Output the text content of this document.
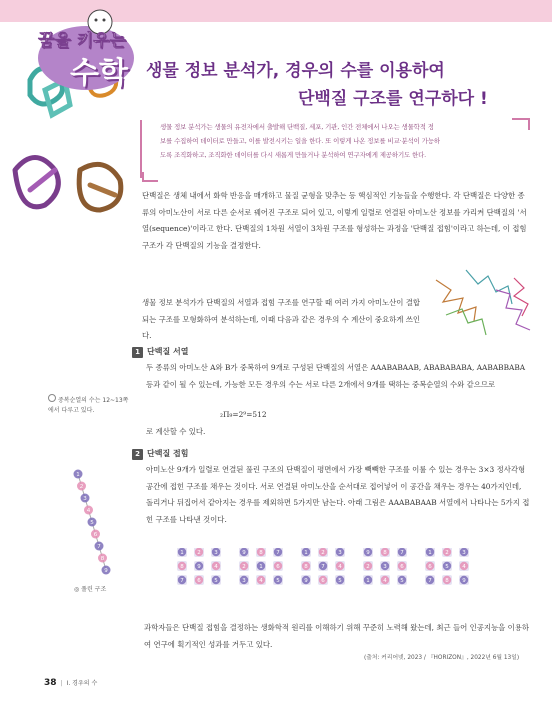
꿈을 키우는
수학 생물 정보 분석가, 경우의 수를 이용하여
단백질 구조를 연구하다 !
생물 정보 분석가는 생물의 유전자에서 출발해 단백질, 세포, 기관, 인간 전체에서 나오는 생물학적 정
보를 수집하여 데이터로 만들고, 이를 발전시키는 일을 한다. 또 이렇게 나온 정보를 비교·분석이 가능하
도록 조직화하고, 조직화한 데이터를 다시 새롭게 만들거나 분석하여 연구자에게 제공하기도 한다.
단백질은 생체 내에서 화학 반응을 매개하고 물질 균형을 맞추는 등 핵심적인 기능들을 수행한다. 각 단백질은 다양한 종류의 아미노산이 서로 다른 순서로 꿰어진 구조로 되어 있고, 이렇게 일렬로 연결된 아미노산 정보를 가리켜 단백질의 '서열(sequence)'이라고 한다. 단백질의 1차원 서열이 3차원 구조를 형성하는 과정을 '단백질 접힘'이라고 하는데, 이 접힘 구조가 각 단백질의 기능을 결정한다.
생물 정보 분석가가 단백질의 서열과 접힘 구조를 연구할 때 여러 가지 아미노산이 결합되는 구조를 모형화하여 분석하는데, 이때 다음과 같은 경우의 수 계산이 중요하게 쓰인다.
1 단백질 서열
두 종류의 아미노산 A와 B가 중복하여 9개로 구성된 단백질의 서열은 AAABABAAB, ABABABABA, AABABBABA 등과 같이 될 수 있는데, 가능한 모든 경우의 수는 서로 다른 2개에서 9개를 택하는 중복순열의 수와 같으므로
₂Π₉=2⁹=512
로 계산할 수 있다.
중복순열의 수는 12~13쪽에서 다루고 있다.
2 단백질 접힘
아미노산 9개가 일렬로 연결된 풀린 구조의 단백질이 평면에서 가장 빽빽한 구조를 이룰 수 있는 경우는 3×3 정사각형 공간에 접힌 구조를 채우는 것이다. 서로 연결된 아미노산을 순서대로 접어넣어 이 공간을 채우는 경우는 40가지인데, 돌리거나 뒤집어서 같아지는 경우를 제외하면 5가지만 남는다. 아래 그림은 AAABABAAB 서열에서 나타나는 5가지 접힌 구조를 나타낸 것이다.
1
2
3
4
5
6
7
8
9
◎ 풀린 구조
1 2 3
8 9 4
7 6 5
9 8 7
2 1 6
3 4 5
1 2 3
8 7 4
9 6 5
9 8 7
2 3 6
1 4 5
1 2 3
6 5 4
7 8 9
과학자들은 단백질 접힘을 결정하는 생화학적 원리를 이해하기 위해 꾸준히 노력해 왔는데, 최근 들어 인공지능을 이용하여 연구에 획기적인 성과를 거두고 있다.
(출처: 커리어넷, 2023 / 『HORIZON』, 2022년 6월 13일)
38 | Ⅰ. 경우의 수
